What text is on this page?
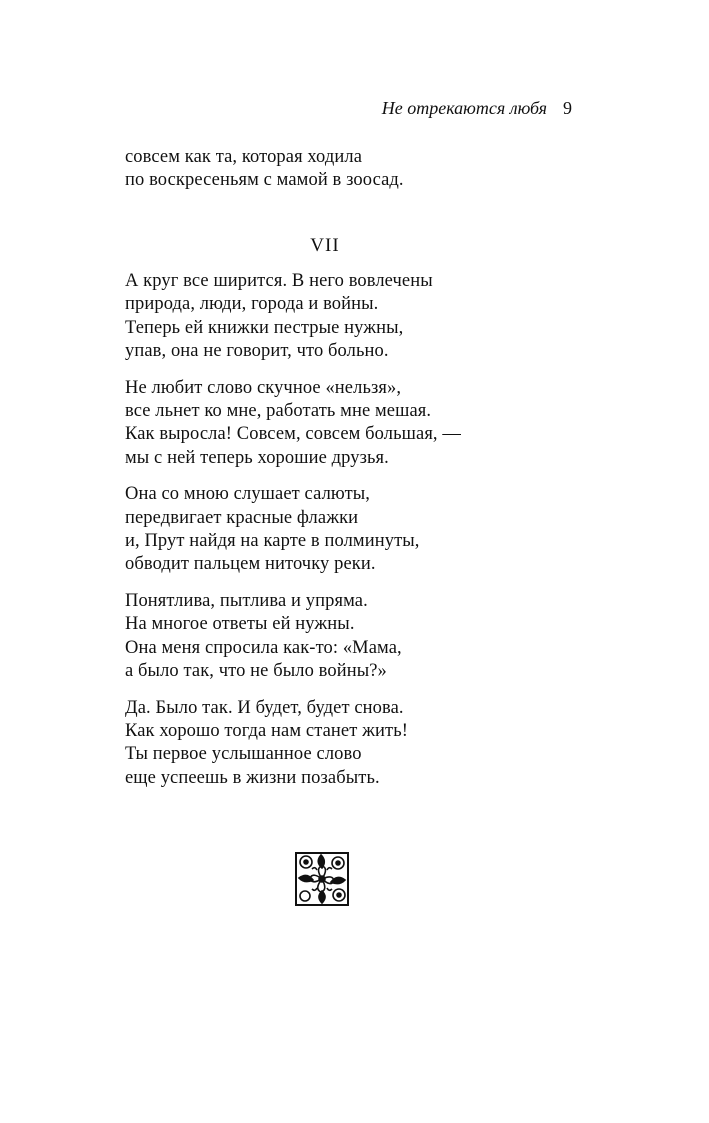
Не отрекаются любя 9
совсем как та, которая ходила
по воскресеньям с мамой в зоосад.
VII
А круг все ширится. В него вовлечены
природа, люди, города и войны.
Теперь ей книжки пестрые нужны,
упав, она не говорит, что больно.
Не любит слово скучное «нельзя»,
все льнет ко мне, работать мне мешая.
Как выросла! Совсем, совсем большая, —
мы с ней теперь хорошие друзья.
Она со мною слушает салюты,
передвигает красные флажки
и, Прут найдя на карте в полминуты,
обводит пальцем ниточку реки.
Понятлива, пытлива и упряма.
На многое ответы ей нужны.
Она меня спросила как-то: «Мама,
а было так, что не было войны?»
Да. Было так. И будет, будет снова.
Как хорошо тогда нам станет жить!
Ты первое услышанное слово
еще успеешь в жизни позабыть.
